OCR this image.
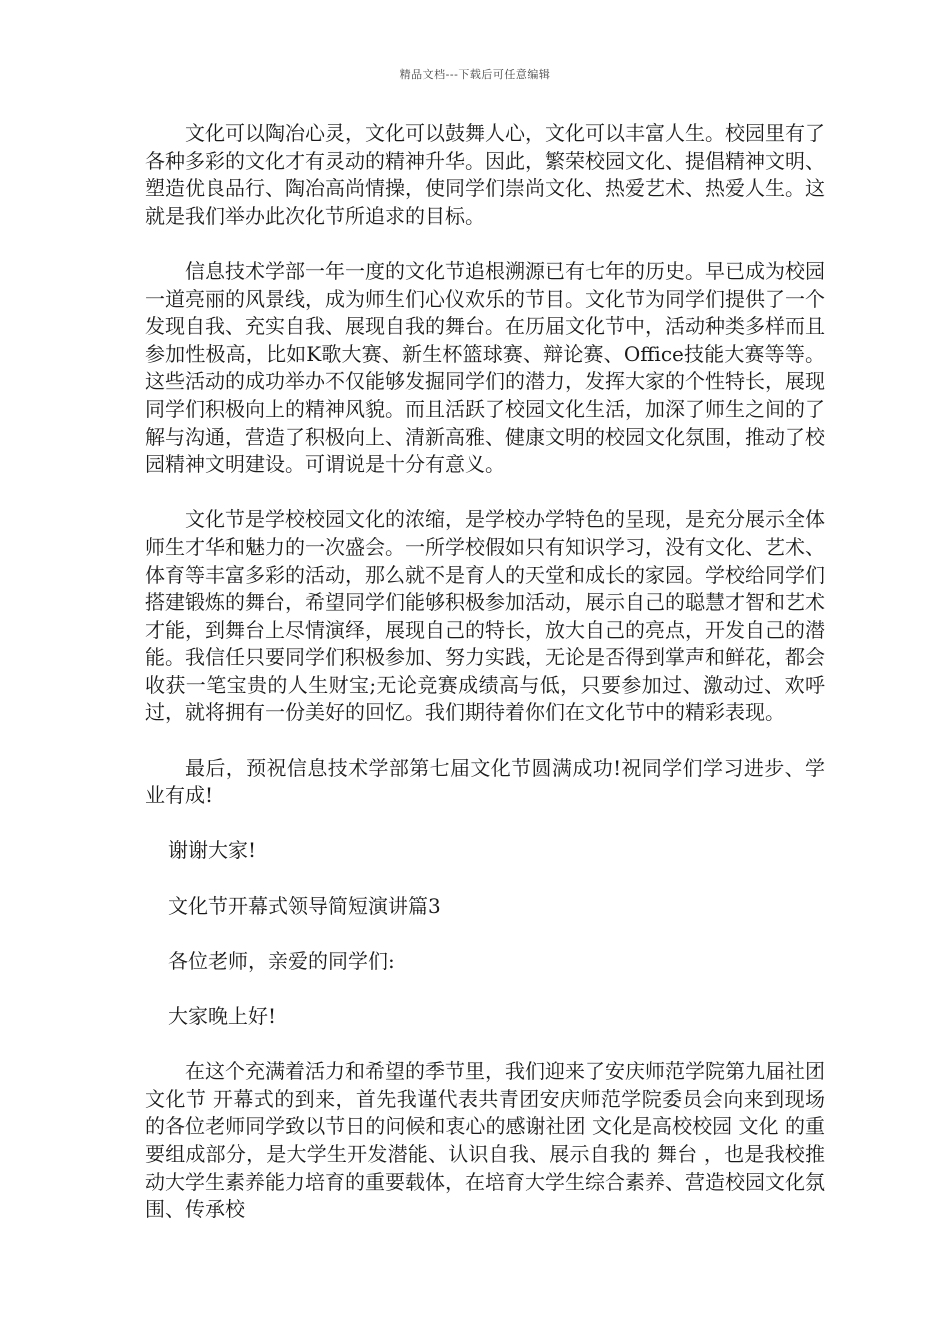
精品文档---下载后可任意编辑

文化可以陶冶心灵，文化可以鼓舞人心，文化可以丰富人生。校园里有了各种多彩的文化才有灵动的精神升华。因此，繁荣校园文化、提倡精神文明、塑造优良品行、陶冶高尚情操，使同学们崇尚文化、热爱艺术、热爱人生。这就是我们举办此次化节所追求的目标。

信息技术学部一年一度的文化节追根溯源已有七年的历史。早已成为校园一道亮丽的风景线，成为师生们心仪欢乐的节目。文化节为同学们提供了一个发现自我、充实自我、展现自我的舞台。在历届文化节中，活动种类多样而且参加性极高，比如K歌大赛、新生杯篮球赛、辩论赛、Office技能大赛等等。这些活动的成功举办不仅能够发掘同学们的潜力，发挥大家的个性特长，展现同学们积极向上的精神风貌。而且活跃了校园文化生活，加深了师生之间的了解与沟通，营造了积极向上、清新高雅、健康文明的校园文化氛围，推动了校园精神文明建设。可谓说是十分有意义。

文化节是学校校园文化的浓缩，是学校办学特色的呈现，是充分展示全体师生才华和魅力的一次盛会。一所学校假如只有知识学习，没有文化、艺术、体育等丰富多彩的活动，那么就不是育人的天堂和成长的家园。学校给同学们搭建锻炼的舞台，希望同学们能够积极参加活动，展示自己的聪慧才智和艺术才能，到舞台上尽情演绎，展现自己的特长，放大自己的亮点，开发自己的潜能。我信任只要同学们积极参加、努力实践，无论是否得到掌声和鲜花，都会收获一笔宝贵的人生财宝;无论竞赛成绩高与低，只要参加过、激动过、欢呼过，就将拥有一份美好的回忆。我们期待着你们在文化节中的精彩表现。

最后，预祝信息技术学部第七届文化节圆满成功!祝同学们学习进步、学业有成!

谢谢大家!

文化节开幕式领导简短演讲篇3

各位老师，亲爱的同学们:

大家晚上好!

在这个充满着活力和希望的季节里，我们迎来了安庆师范学院第九届社团 文化节 开幕式的到来，首先我谨代表共青团安庆师范学院委员会向来到现场的各位老师同学致以节日的问候和衷心的感谢社团 文化是高校校园 文化 的重要组成部分，是大学生开发潜能、认识自我、展示自我的 舞台 ，也是我校推动大学生素养能力培育的重要载体，在培育大学生综合素养、营造校园文化氛围、传承校
